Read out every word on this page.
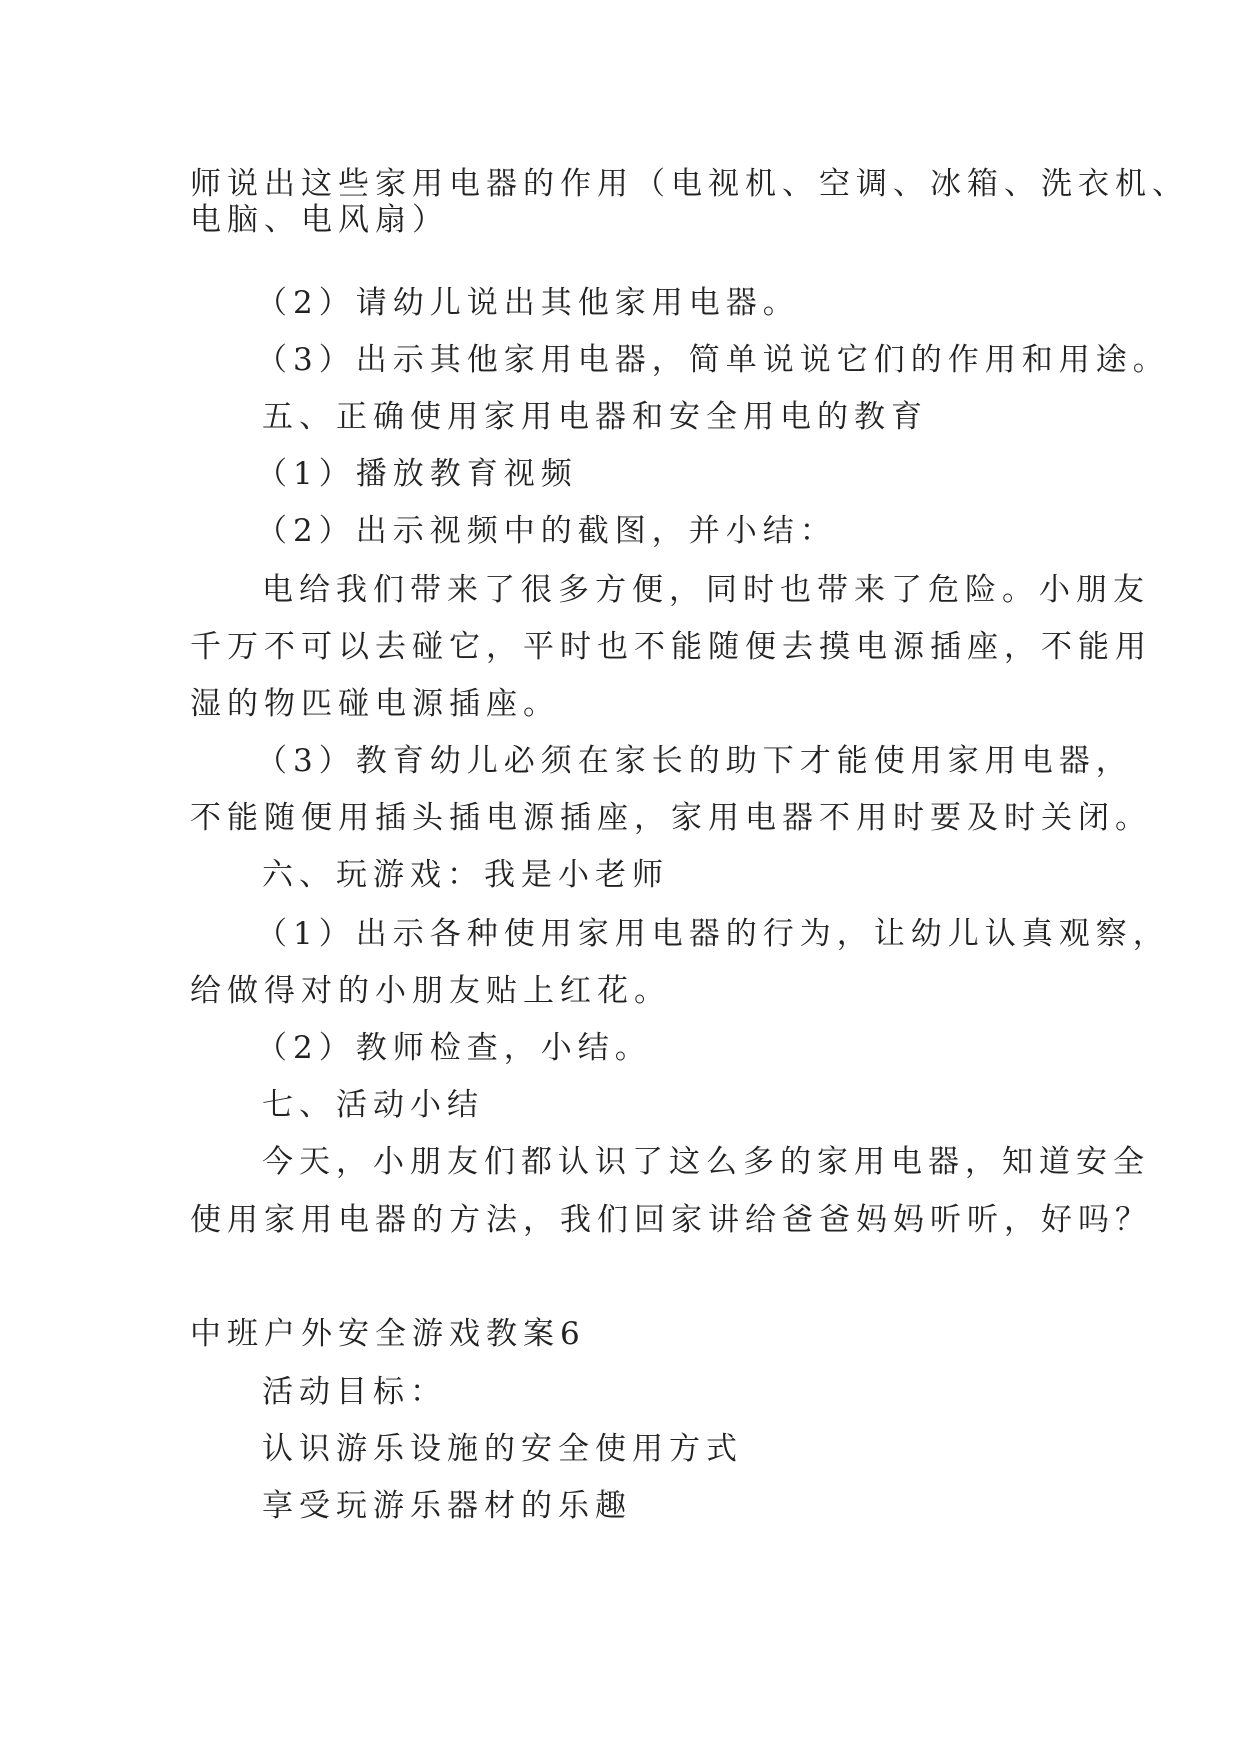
师说出这些家用电器的作用（电视机、空调、冰箱、洗衣机、
电脑、电风扇）
（2）请幼儿说出其他家用电器。
（3）出示其他家用电器，简单说说它们的作用和用途。
五、正确使用家用电器和安全用电的教育
（1）播放教育视频
（2）出示视频中的截图，并小结：
电给我们带来了很多方便，同时也带来了危险。小朋友
千万不可以去碰它，平时也不能随便去摸电源插座，不能用
湿的物匹碰电源插座。
（3）教育幼儿必须在家长的助下才能使用家用电器，
不能随便用插头插电源插座，家用电器不用时要及时关闭。
六、玩游戏：我是小老师
（1）出示各种使用家用电器的行为，让幼儿认真观察，
给做得对的小朋友贴上红花。
（2）教师检查，小结。
七、活动小结
今天，小朋友们都认识了这么多的家用电器，知道安全
使用家用电器的方法，我们回家讲给爸爸妈妈听听，好吗？
中班户外安全游戏教案6
活动目标：
认识游乐设施的安全使用方式
享受玩游乐器材的乐趣
